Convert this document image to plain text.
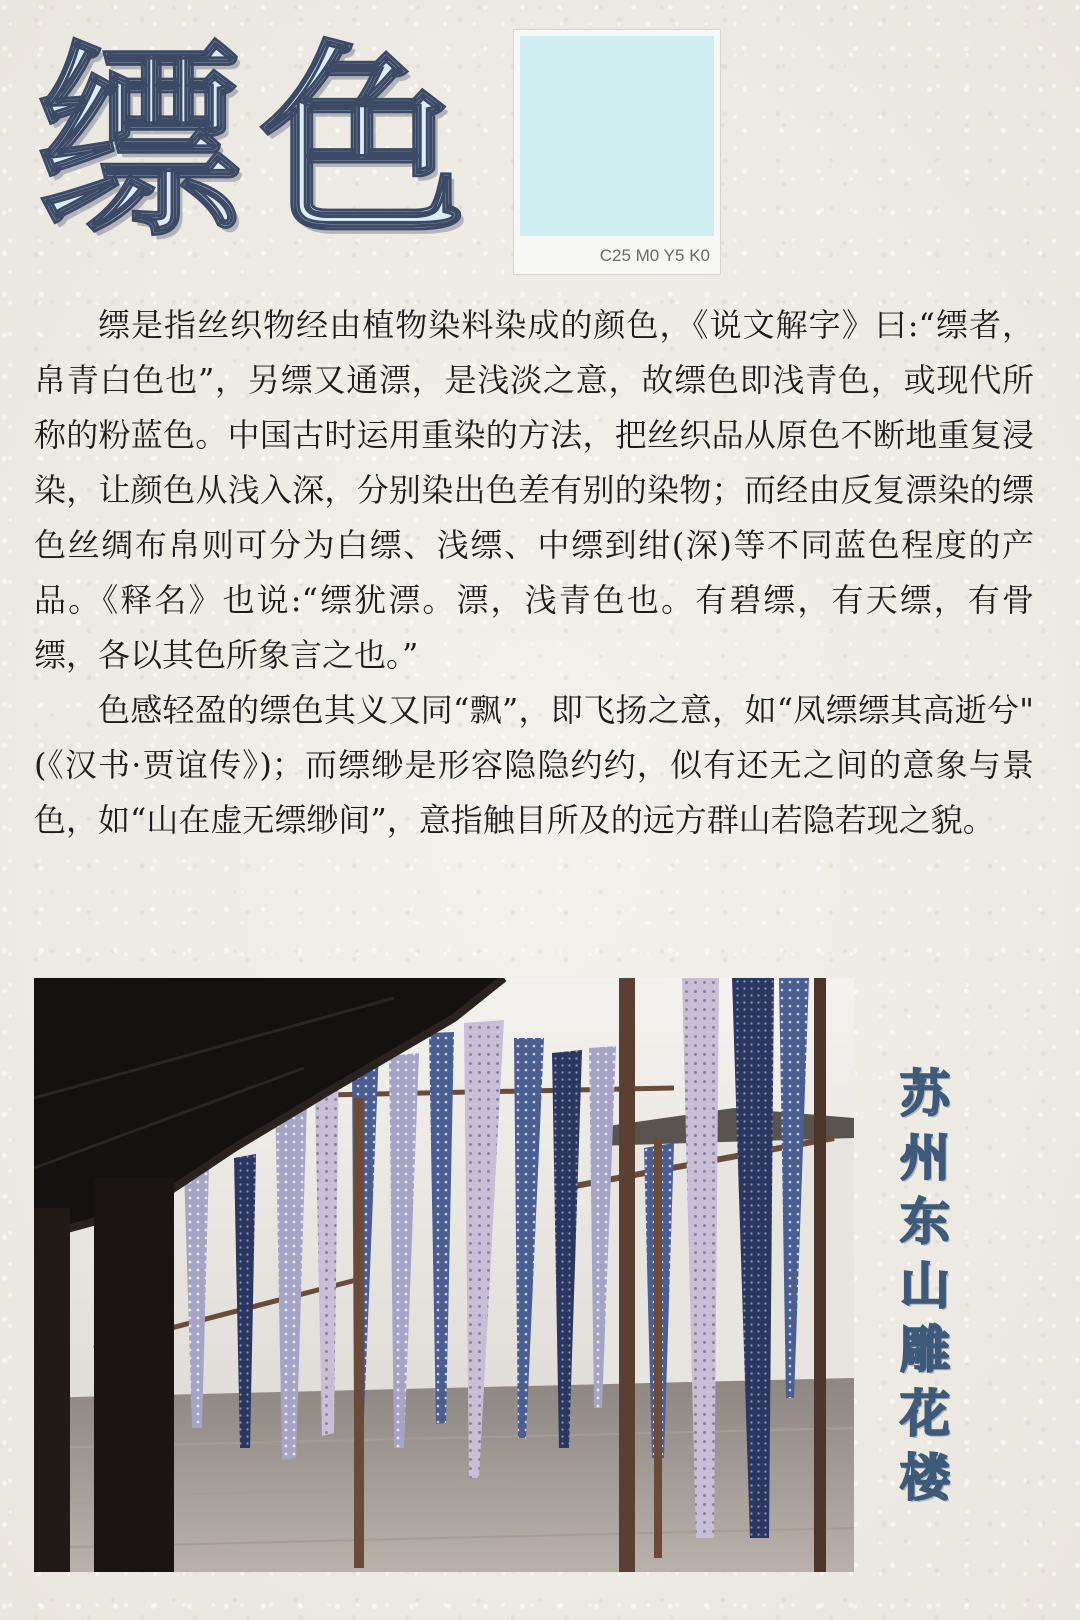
缥 色	C25 M0 Y5 K0

缥是指丝织物经由植物染料染成的颜色，《说文解字》曰:“缥者，帛青白色也”，另缥又通漂，是浅淡之意，故缥色即浅青色，或现代所称的粉蓝色。中国古时运用重染的方法，把丝织品从原色不断地重复浸染，让颜色从浅入深，分别染出色差有别的染物；而经由反复漂染的缥色丝绸布帛则可分为白缥、浅缥、中缥到绀(深)等不同蓝色程度的产品。《释名》也说:“缥犹漂。漂，浅青色也。有碧缥，有天缥，有骨缥，各以其色所象言之也。”

色感轻盈的缥色其义又同“飘”，即飞扬之意，如“凤缥缥其高逝兮"(《汉书·贾谊传》)；而缥缈是形容隐隐约约，似有还无之间的意象与景色，如“山在虚无缥缈间”，意指触目所及的远方群山若隐若现之貌。

苏
州
东
山
雕
花
楼
